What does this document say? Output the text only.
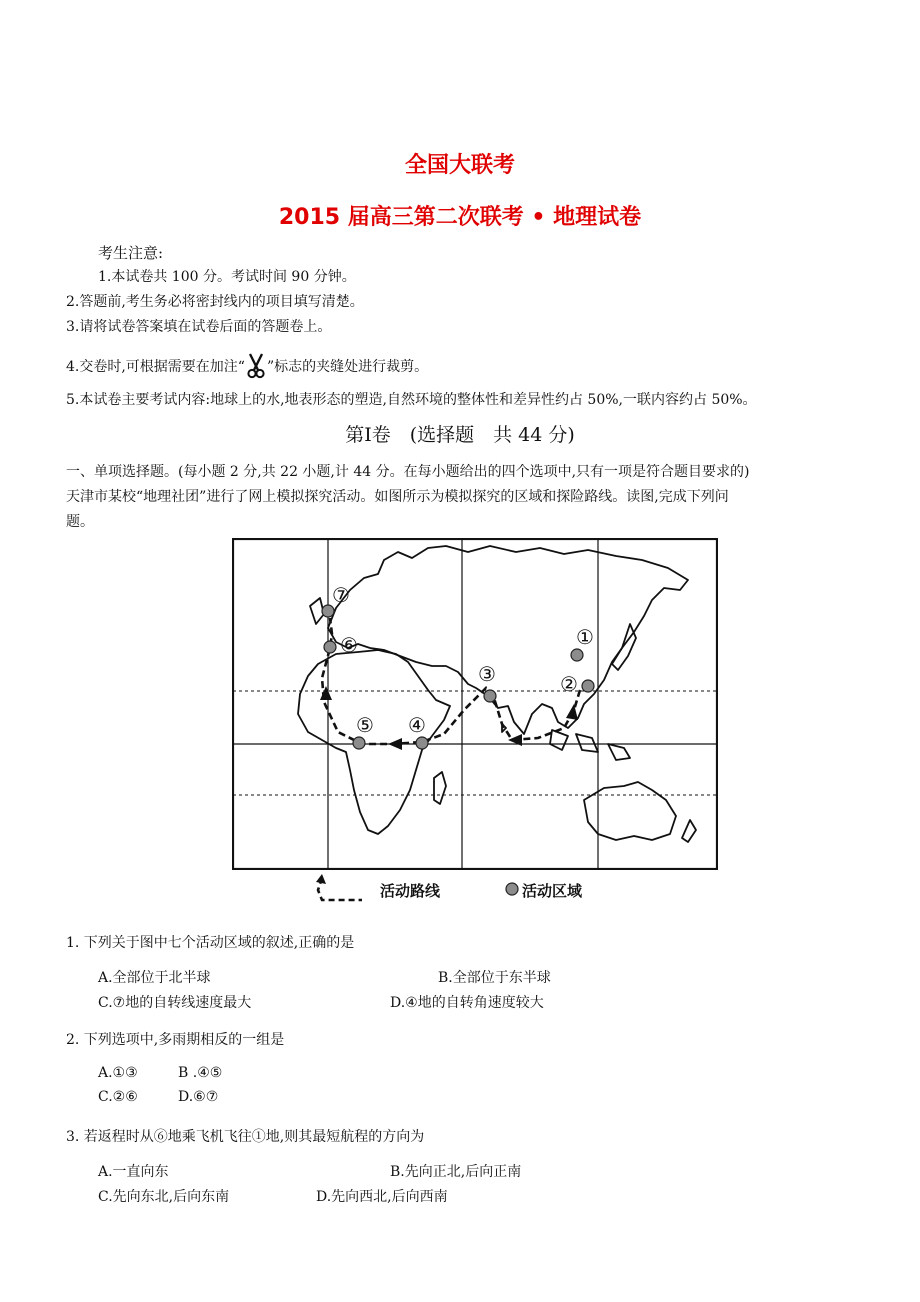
全国大联考
2015 届高三第二次联考 • 地理试卷
考生注意:
1.本试卷共 100 分。考试时间 90 分钟。
2.答题前,考生务必将密封线内的项目填写清楚。
3.请将试卷答案填在试卷后面的答题卷上。
4.交卷时,可根据需要在加注“ ”标志的夹缝处进行裁剪。
5.本试卷主要考试内容:地球上的水,地表形态的塑造,自然环境的整体性和差异性约占 50%,一联内容约占 50%。
第Ⅰ卷　(选择题　共 44 分)
一、单项选择题。(每小题 2 分,共 22 小题,计 44 分。在每小题给出的四个选项中,只有一项是符合题目要求的)
天津市某校“地理社团”进行了网上模拟探究活动。如图所示为模拟探究的区域和探险路线。读图,完成下列问
题。
①
②
③
④
⑤
⑥
⑦
活动路线	活动区域
1. 下列关于图中七个活动区域的叙述,正确的是
A.全部位于北半球	B.全部位于东半球
C.⑦地的自转线速度最大	D.④地的自转角速度较大
2. 下列选项中,多雨期相反的一组是
A.①③	B .④⑤
C.②⑥	D.⑥⑦
3. 若返程时从⑥地乘飞机飞往①地,则其最短航程的方向为
A.一直向东	B.先向正北,后向正南
C.先向东北,后向东南	D.先向西北,后向西南
